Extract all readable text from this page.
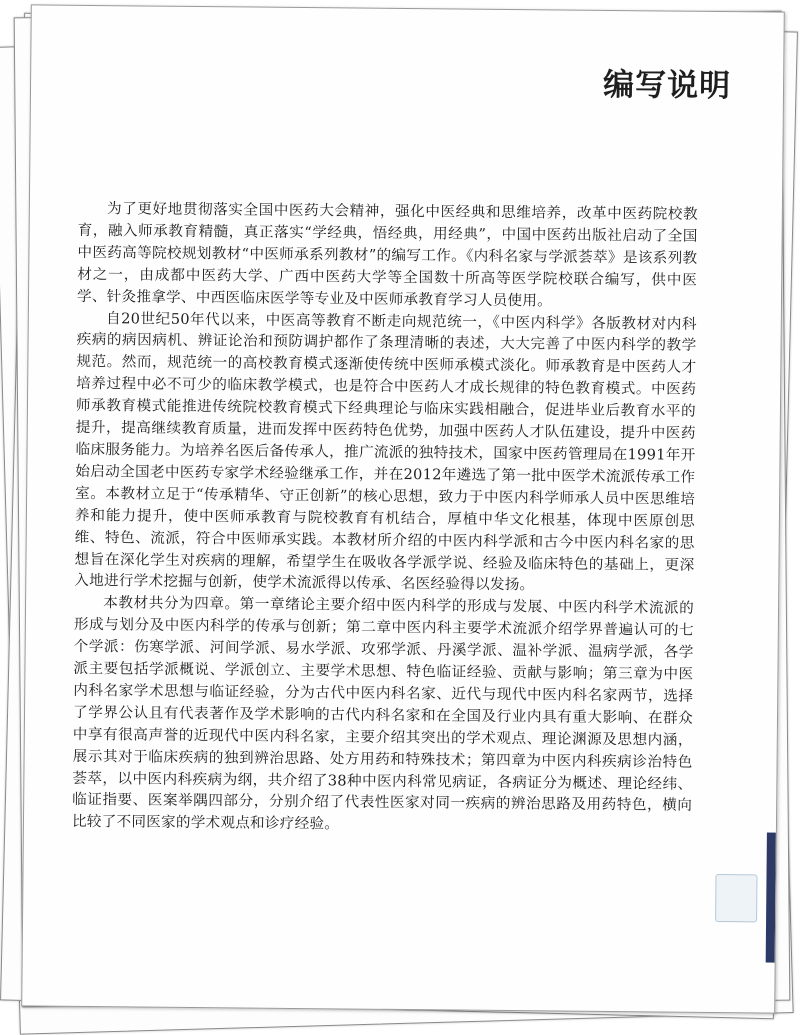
编写说明

为了更好地贯彻落实全国中医药大会精神，强化中医经典和思维培养，改革中医药院校教育，融入师承教育精髓，真正落实“学经典，悟经典，用经典”，中国中医药出版社启动了全国中医药高等院校规划教材“中医师承系列教材”的编写工作。《内科名家与学派荟萃》是该系列教材之一，由成都中医药大学、广西中医药大学等全国数十所高等医学院校联合编写，供中医学、针灸推拿学、中西医临床医学等专业及中医师承教育学习人员使用。

自20世纪50年代以来，中医高等教育不断走向规范统一，《中医内科学》各版教材对内科疾病的病因病机、辨证论治和预防调护都作了条理清晰的表述，大大完善了中医内科学的教学规范。然而，规范统一的高校教育模式逐渐使传统中医师承模式淡化。师承教育是中医药人才培养过程中必不可少的临床教学模式，也是符合中医药人才成长规律的特色教育模式。中医药师承教育模式能推进传统院校教育模式下经典理论与临床实践相融合，促进毕业后教育水平的提升，提高继续教育质量，进而发挥中医药特色优势，加强中医药人才队伍建设，提升中医药临床服务能力。为培养名医后备传承人，推广流派的独特技术，国家中医药管理局在1991年开始启动全国老中医药专家学术经验继承工作，并在2012年遴选了第一批中医学术流派传承工作室。本教材立足于“传承精华、守正创新”的核心思想，致力于中医内科学师承人员中医思维培养和能力提升，使中医师承教育与院校教育有机结合，厚植中华文化根基，体现中医原创思维、特色、流派，符合中医师承实践。本教材所介绍的中医内科学派和古今中医内科名家的思想旨在深化学生对疾病的理解，希望学生在吸收各学派学说、经验及临床特色的基础上，更深入地进行学术挖掘与创新，使学术流派得以传承、名医经验得以发扬。

本教材共分为四章。第一章绪论主要介绍中医内科学的形成与发展、中医内科学术流派的形成与划分及中医内科学的传承与创新；第二章中医内科主要学术流派介绍学界普遍认可的七个学派：伤寒学派、河间学派、易水学派、攻邪学派、丹溪学派、温补学派、温病学派，各学派主要包括学派概说、学派创立、主要学术思想、特色临证经验、贡献与影响；第三章为中医内科名家学术思想与临证经验，分为古代中医内科名家、近代与现代中医内科名家两节，选择了学界公认且有代表著作及学术影响的古代内科名家和在全国及行业内具有重大影响、在群众中享有很高声誉的近现代中医内科名家，主要介绍其突出的学术观点、理论渊源及思想内涵，展示其对于临床疾病的独到辨治思路、处方用药和特殊技术；第四章为中医内科疾病诊治特色荟萃，以中医内科疾病为纲，共介绍了38种中医内科常见病证，各病证分为概述、理论经纬、临证指要、医案举隅四部分，分别介绍了代表性医家对同一疾病的辨治思路及用药特色，横向比较了不同医家的学术观点和诊疗经验。
